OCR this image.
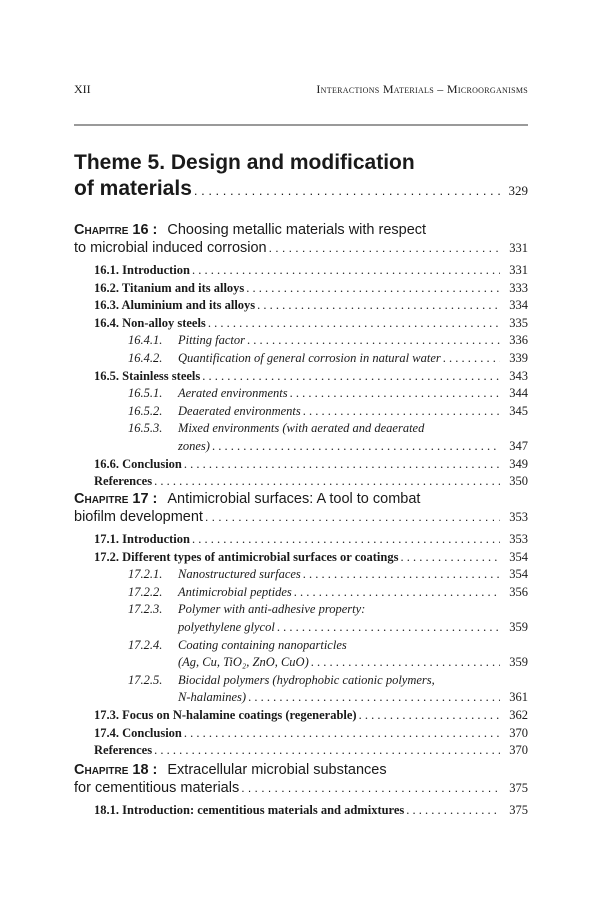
XII	Interactions Materials – Microorganisms
Theme 5. Design and modification
of materials . . .	329
Chapitre 16 : Choosing metallic materials with respect
to microbial induced corrosion . . .	331
16.1. Introduction . . .	331
16.2. Titanium and its alloys . . .	333
16.3. Aluminium and its alloys . . .	334
16.4. Non-alloy steels . . .	335
16.4.1. Pitting factor . . .	336
16.4.2. Quantification of general corrosion in natural water . . .	339
16.5. Stainless steels . . .	343
16.5.1. Aerated environments . . .	344
16.5.2. Deaerated environments . . .	345
16.5.3. Mixed environments (with aerated and deaerated
zones) . . .	347
16.6. Conclusion . . .	349
References . . .	350
Chapitre 17 : Antimicrobial surfaces: A tool to combat
biofilm development . . .	353
17.1. Introduction . . .	353
17.2. Different types of antimicrobial surfaces or coatings . . .	354
17.2.1. Nanostructured surfaces . . .	354
17.2.2. Antimicrobial peptides . . .	356
17.2.3. Polymer with anti-adhesive property:
polyethylene glycol . . .	359
17.2.4. Coating containing nanoparticles
(Ag, Cu, TiO₂, ZnO, CuO) . . .	359
17.2.5. Biocidal polymers (hydrophobic cationic polymers,
N-halamines) . . .	361
17.3. Focus on N-halamine coatings (regenerable) . . .	362
17.4. Conclusion . . .	370
References . . .	370
Chapitre 18 : Extracellular microbial substances
for cementitious materials . . .	375
18.1. Introduction: cementitious materials and admixtures . . .	375
